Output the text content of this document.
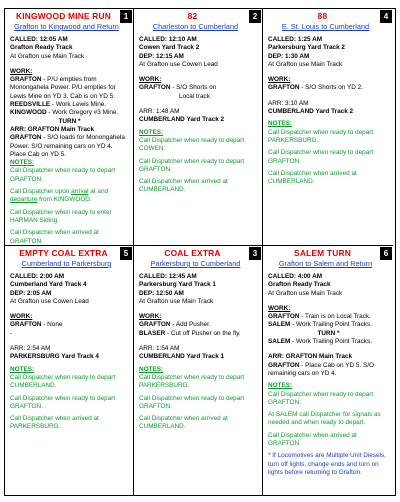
1
KINGWOOD MINE RUN
Grafton to Kingwood and Return
CALLED: 12:05 AM
Grafton Ready Track
At Grafton use Main Track
WORK:
GRAFTON - P/U empties from Monongahela Power. P/U empties for Lewis Mine on YD 3. Cab is on YD 5.
REEDSVILLE - Work Lewis Mine.
KINGWOOD - Work Gregory #3 Mine.
TURN *
ARR: GRAFTON Main Track
GRAFTON - S/O loads for Monongahela Power. S/O remaining cars on YD 4. Place Cab on YD 5.
NOTES:
Call Dispatcher when ready to depart GRAFTON.
Call Dispatcher upon arrival at and departure from KINGWOOD.
Call Dispatcher when ready to enter HARMAN Siding.
Call Dispatcher when arrived at GRAFTON.
2
82
Charleston to Cumberland
CALLED: 12:10 AM
Cowen Yard Track 2
DEP: 12:15 AM
At Grafton use Cowen Lead
WORK:
GRAFTON - S/O Shorts on
Local track
ARR: 1:48 AM
CUMBERLAND Yard Track 2
NOTES:
Call Dispatcher when ready to depart COWEN.
Call Dispatcher when ready to depart GRAFTON.
Call Dispatcher when arrived at CUMBERLAND.
4
88
E. St. Louis to Cumberland
CALLED: 1:25 AM
Parkersburg Yard Track 2
DEP: 1:30 AM
At Grafton use Main Track
WORK:
GRAFTON - S/O Shorts on YD 2.
ARR: 3:10 AM
CUMBERLAND Yard Track 2
NOTES:
Call Dispatcher when ready to depart PARKERSBURG.
Call Dispatcher when ready to depart GRAFTON.
Call Dispatcher when arrived at CUMBERLAND.
5
EMPTY COAL EXTRA
Cumberland to Parkersburg
CALLED: 2:00 AM
Cumberland Yard Track 4
DEP: 2:05 AM
At Grafton use Cowen Lead
WORK:
GRAFTON - None
-
ARR: 2:54 AM
PARKERSBURG Yard Track 4
NOTES:
Call Dispatcher when ready to depart CUMBERLAND.
Call Dispatcher when ready to depart GRAFTON.
Call Dispatcher when arrived at PARKERSBURG.
3
COAL EXTRA
Parkersburg to Cumberland
CALLED: 12:45 AM
Parkersburg Yard Track 1
DEP: 12:50 AM
At Grafton use Main Track
WORK:
GRAFTON - Add Pusher.
BLASER - Cut off Pusher on the fly.
ARR: 1:54 AM
CUMBERLAND Yard Track 1
NOTES:
Call Dispatcher when ready to depart PARKERSBURG.
Call Dispatcher when ready to depart GRAFTON.
Call Dispatcher when arrived at CUMBERLAND.
6
SALEM TURN
Grafton to Salem and Return
CALLED: 4:00 AM
Grafton Ready Track
At Grafton use Main Track
WORK:
GRAFTON - Train is on Local Track.
SALEM - Work Trailing Point Tracks.
TURN *
SALEM - Work Trailing Point Tracks.
ARR: GRAFTON Main Track
GRAFTON - Place Cab on YD 5. S/O remaining cars on YD 4.
NOTES:
Call Dispatcher when ready to depart GRAFTON.
At SALEM call Dispatcher for signals as needed and when ready to depart.
Call Dispatcher when arrived at GRAFTON.
* If Locomotives are Multiple Unit Diesels, turn off lights, change ends and turn on lights before returning to Grafton.
